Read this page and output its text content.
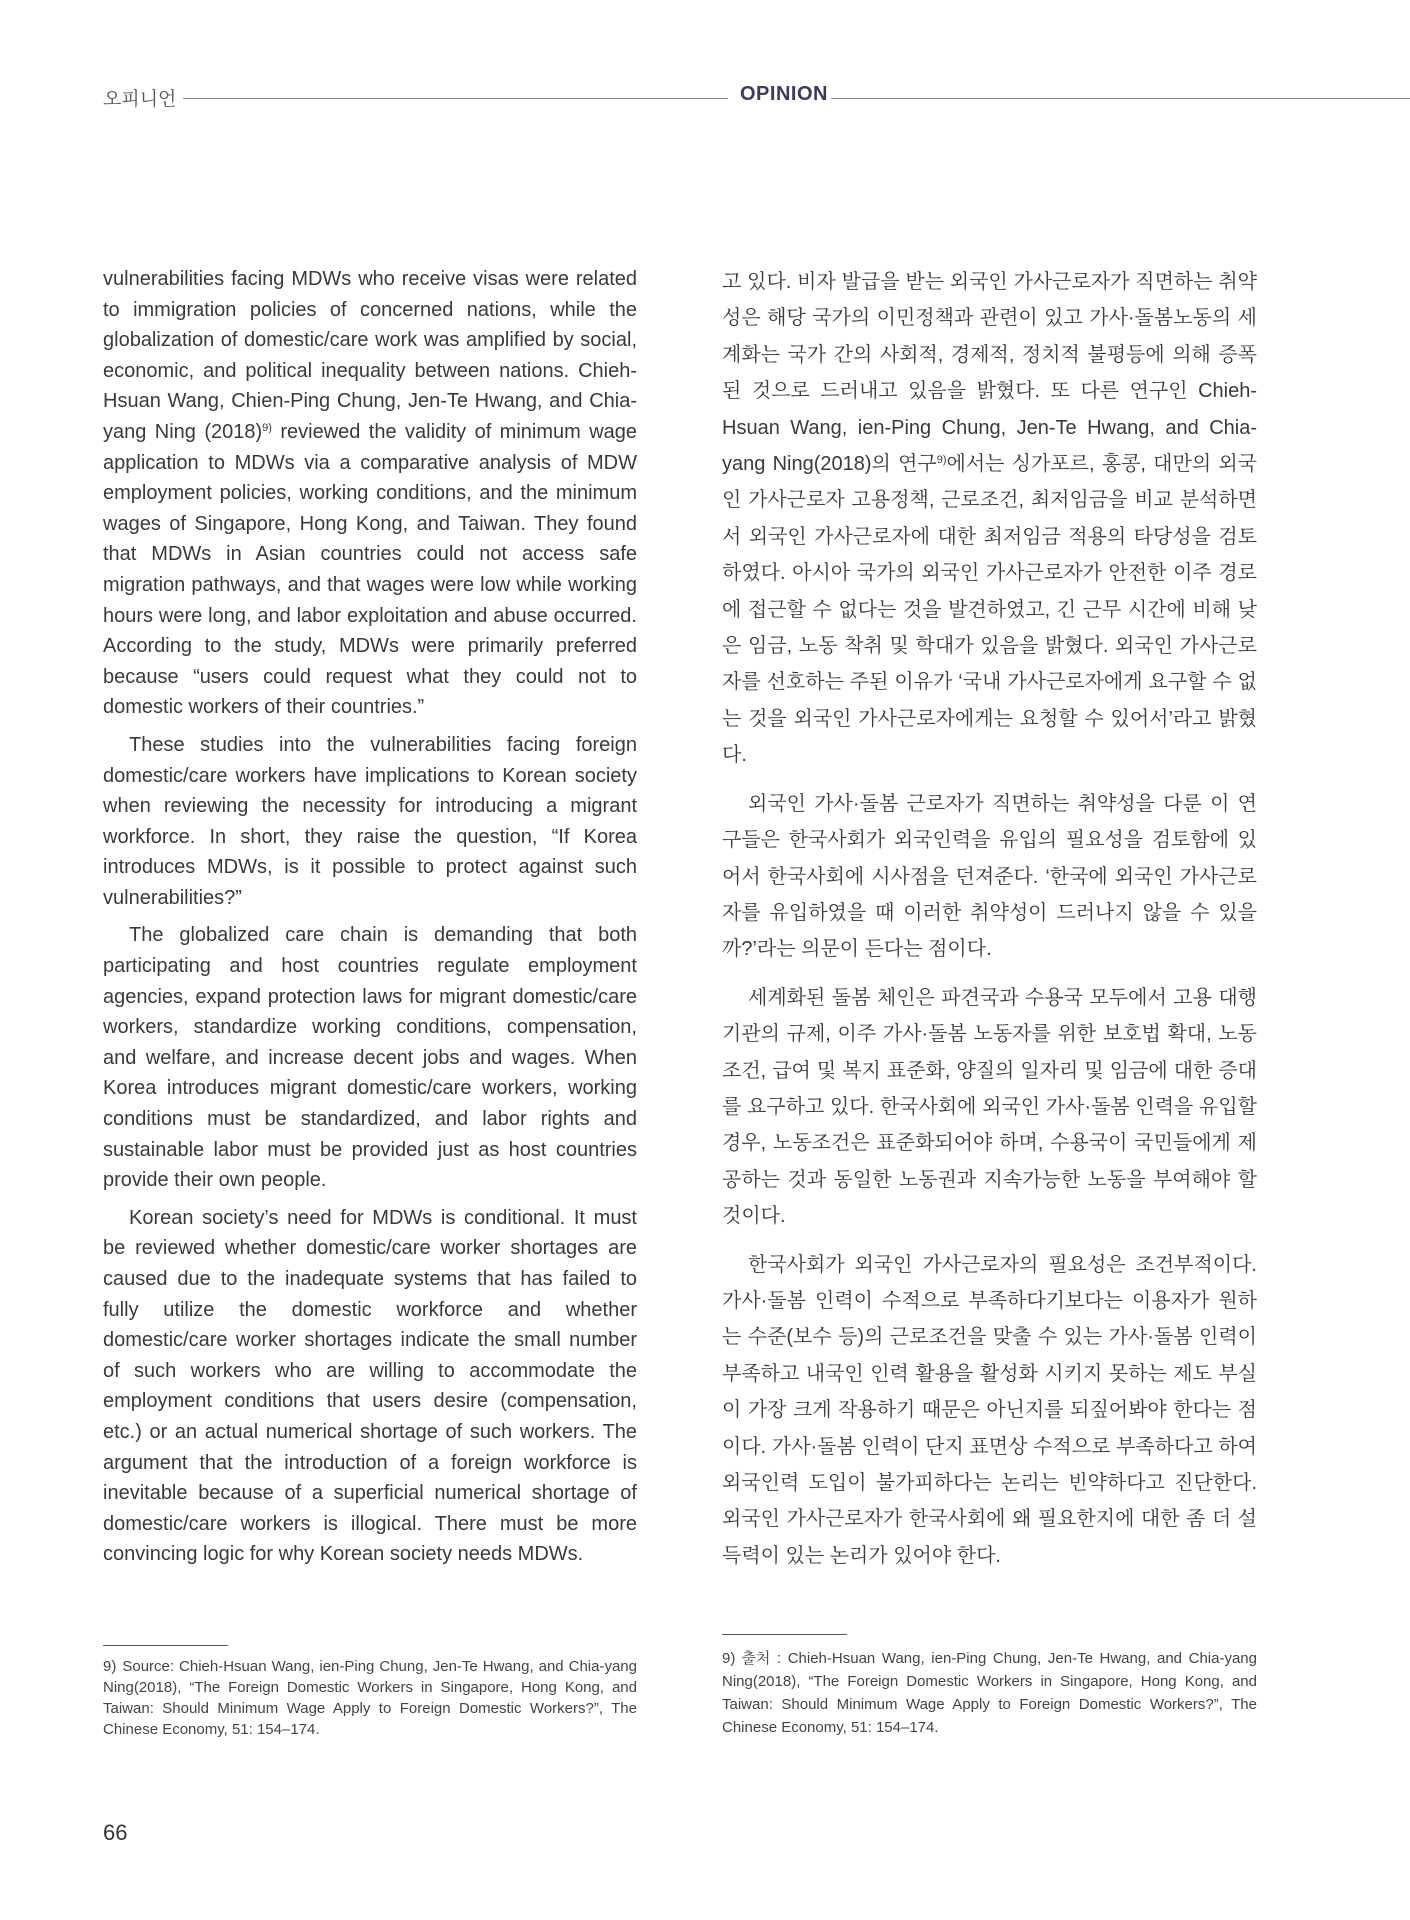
오피니언	OPINION

vulnerabilities facing MDWs who receive visas were related to immigration policies of concerned nations, while the globalization of domestic/care work was amplified by social, economic, and political inequality between nations. Chieh-Hsuan Wang, Chien-Ping Chung, Jen-Te Hwang, and Chia-yang Ning $(2018)^{9)}$ reviewed the validity of minimum wage application to MDWs via a comparative analysis of MDW employment policies, working conditions, and the minimum wages of Singapore, Hong Kong, and Taiwan. They found that MDWs in Asian countries could not access safe migration pathways, and that wages were low while working hours were long, and labor exploitation and abuse occurred. According to the study, MDWs were primarily preferred because “users could request what they could not to domestic workers of their countries.”

These studies into the vulnerabilities facing foreign domestic/care workers have implications to Korean society when reviewing the necessity for introducing a migrant workforce. In short, they raise the question, “If Korea introduces MDWs, is it possible to protect against such vulnerabilities?”

The globalized care chain is demanding that both participating and host countries regulate employment agencies, expand protection laws for migrant domestic/care workers, standardize working conditions, compensation, and welfare, and increase decent jobs and wages. When Korea introduces migrant domestic/care workers, working conditions must be standardized, and labor rights and sustainable labor must be provided just as host countries provide their own people.

Korean society’s need for MDWs is conditional. It must be reviewed whether domestic/care worker shortages are caused due to the inadequate systems that has failed to fully utilize the domestic workforce and whether domestic/care worker shortages indicate the small number of such workers who are willing to accommodate the employment conditions that users desire (compensation, etc.) or an actual numerical shortage of such workers. The argument that the introduction of a foreign workforce is inevitable because of a superficial numerical shortage of domestic/care workers is illogical. There must be more convincing logic for why Korean society needs MDWs.

고 있다. 비자 발급을 받는 외국인 가사근로자가 직면하는 취약성은 해당 국가의 이민정책과 관련이 있고 가사·돌봄노동의 세계화는 국가 간의 사회적, 경제적, 정치적 불평등에 의해 증폭된 것으로 드러내고 있음을 밝혔다. 또 다른 연구인 Chieh-Hsuan Wang, ien-Ping Chung, Jen-Te Hwang, and Chia-yang Ning(2018)의 연구$^{9)}$에서는 싱가포르, 홍콩, 대만의 외국인 가사근로자 고용정책, 근로조건, 최저임금을 비교 분석하면서 외국인 가사근로자에 대한 최저임금 적용의 타당성을 검토하였다. 아시아 국가의 외국인 가사근로자가 안전한 이주 경로에 접근할 수 없다는 것을 발견하였고, 긴 근무 시간에 비해 낮은 임금, 노동 착취 및 학대가 있음을 밝혔다. 외국인 가사근로자를 선호하는 주된 이유가 ‘국내 가사근로자에게 요구할 수 없는 것을 외국인 가사근로자에게는 요청할 수 있어서’라고 밝혔다.

외국인 가사·돌봄 근로자가 직면하는 취약성을 다룬 이 연구들은 한국사회가 외국인력을 유입의 필요성을 검토함에 있어서 한국사회에 시사점을 던져준다. ‘한국에 외국인 가사근로자를 유입하였을 때 이러한 취약성이 드러나지 않을 수 있을까?’라는 의문이 든다는 점이다.

세계화된 돌봄 체인은 파견국과 수용국 모두에서 고용 대행기관의 규제, 이주 가사·돌봄 노동자를 위한 보호법 확대, 노동 조건, 급여 및 복지 표준화, 양질의 일자리 및 임금에 대한 증대를 요구하고 있다. 한국사회에 외국인 가사·돌봄 인력을 유입할 경우, 노동조건은 표준화되어야 하며, 수용국이 국민들에게 제공하는 것과 동일한 노동권과 지속가능한 노동을 부여해야 할 것이다.

한국사회가 외국인 가사근로자의 필요성은 조건부적이다. 가사·돌봄 인력이 수적으로 부족하다기보다는 이용자가 원하는 수준(보수 등)의 근로조건을 맞출 수 있는 가사·돌봄 인력이 부족하고 내국인 인력 활용을 활성화 시키지 못하는 제도 부실이 가장 크게 작용하기 때문은 아닌지를 되짚어봐야 한다는 점이다. 가사·돌봄 인력이 단지 표면상 수적으로 부족하다고 하여 외국인력 도입이 불가피하다는 논리는 빈약하다고 진단한다. 외국인 가사근로자가 한국사회에 왜 필요한지에 대한 좀 더 설득력이 있는 논리가 있어야 한다.

9) Source: Chieh-Hsuan Wang, ien-Ping Chung, Jen-Te Hwang, and Chia-yang Ning(2018), “The Foreign Domestic Workers in Singapore, Hong Kong, and Taiwan: Should Minimum Wage Apply to Foreign Domestic Workers?”, The Chinese Economy, 51: 154–174.
9) 출처 : Chieh-Hsuan Wang, ien-Ping Chung, Jen-Te Hwang, and Chia-yang Ning(2018), “The Foreign Domestic Workers in Singapore, Hong Kong, and Taiwan: Should Minimum Wage Apply to Foreign Domestic Workers?”, The Chinese Economy, 51: 154–174.
66
